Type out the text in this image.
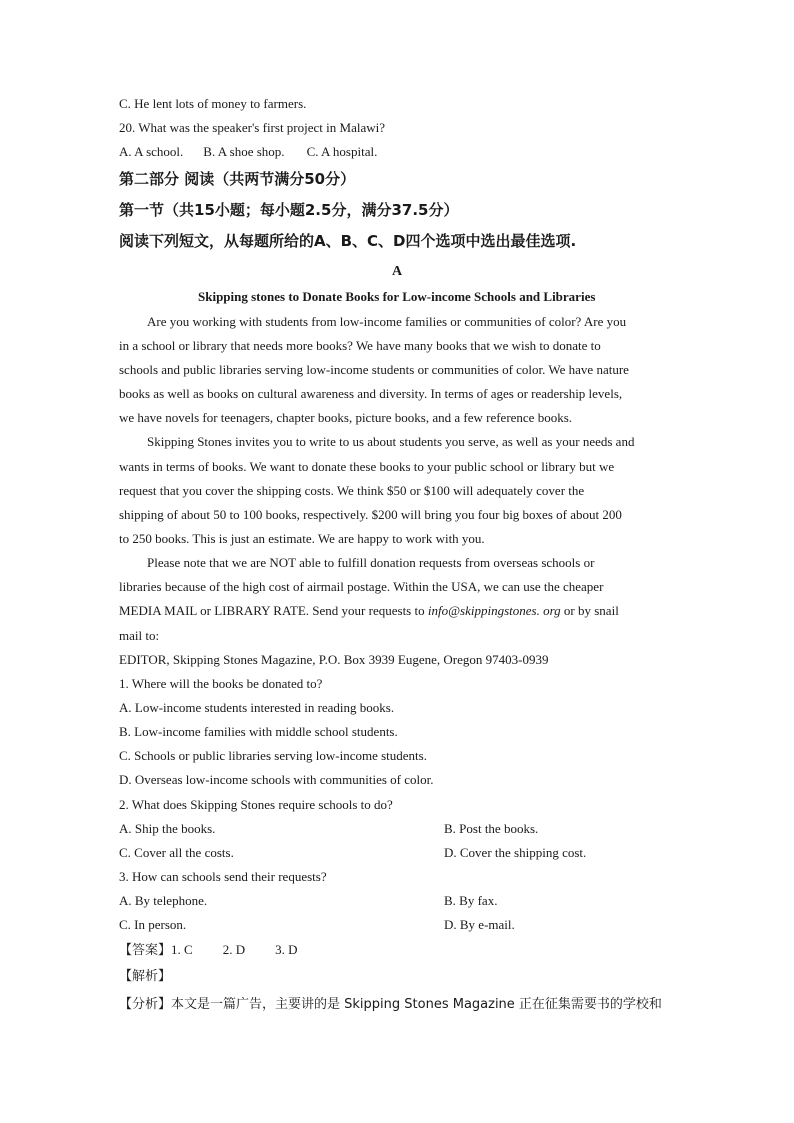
C. He lent lots of money to farmers.
20. What was the speaker's first project in Malawi?
A. A school. B. A shoe shop. C. A hospital.
第二部分 阅读（共两节满分50分）
第一节（共15小题；每小题2.5分，满分37.5分）
阅读下列短文，从每题所给的A、B、C、D四个选项中选出最佳选项.
A
Skipping stones to Donate Books for Low-income Schools and Libraries
Are you working with students from low-income families or communities of color? Are you
in a school or library that needs more books? We have many books that we wish to donate to
schools and public libraries serving low-income students or communities of color. We have nature
books as well as books on cultural awareness and diversity. In terms of ages or readership levels,
we have novels for teenagers, chapter books, picture books, and a few reference books.
Skipping Stones invites you to write to us about students you serve, as well as your needs and
wants in terms of books. We want to donate these books to your public school or library but we
request that you cover the shipping costs. We think $50 or $100 will adequately cover the
shipping of about 50 to 100 books, respectively. $200 will bring you four big boxes of about 200
to 250 books. This is just an estimate. We are happy to work with you.
Please note that we are NOT able to fulfill donation requests from overseas schools or
libraries because of the high cost of airmail postage. Within the USA, we can use the cheaper
MEDIA MAIL or LIBRARY RATE. Send your requests to info@skippingstones. org or by snail
mail to:
EDITOR, Skipping Stones Magazine, P.O. Box 3939 Eugene, Oregon 97403-0939
1. Where will the books be donated to?
A. Low-income students interested in reading books.
B. Low-income families with middle school students.
C. Schools or public libraries serving low-income students.
D. Overseas low-income schools with communities of color.
2. What does Skipping Stones require schools to do?
A. Ship the books.	B. Post the books.
C. Cover all the costs.	D. Cover the shipping cost.
3. How can schools send their requests?
A. By telephone.	B. By fax.
C. In person.	D. By e-mail.
【答案】1. C 2. D 3. D
【解析】
【分析】本文是一篇广告，主要讲的是 Skipping Stones Magazine 正在征集需要书的学校和
